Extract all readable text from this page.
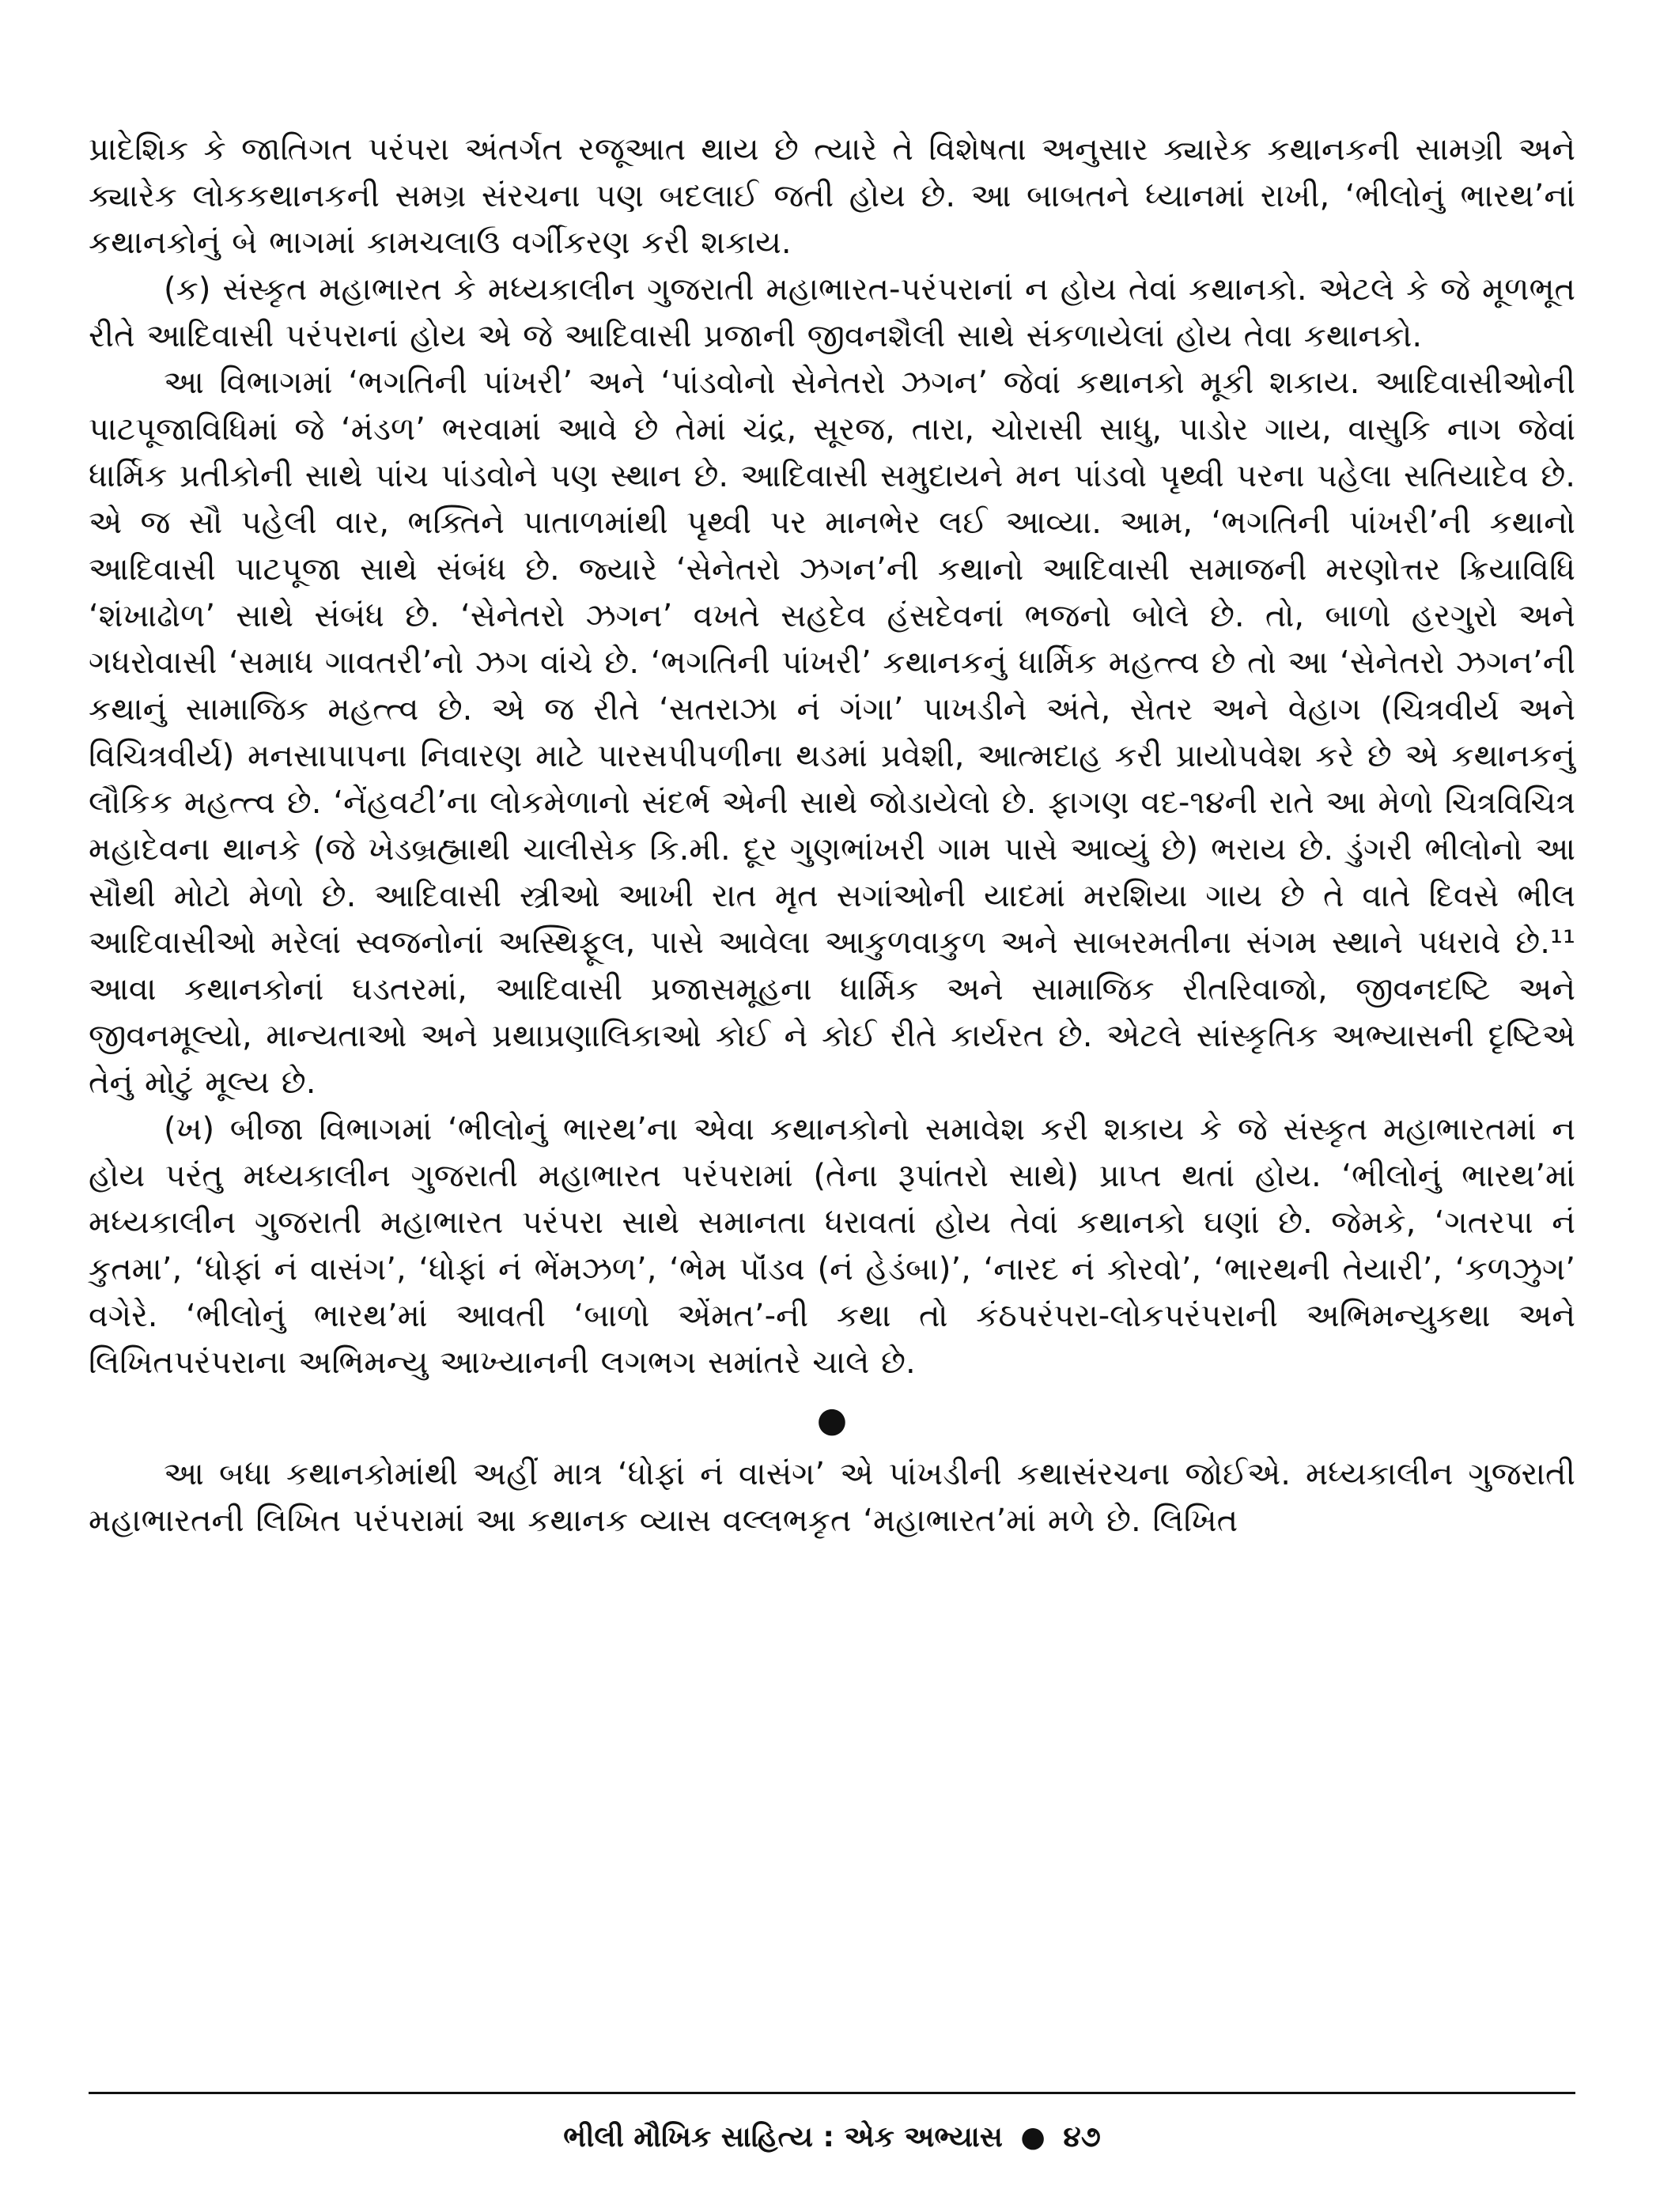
પ્રાદેશિક કે જાતિગત પરંપરા અંતર્ગત રજૂઆત થાય છે ત્યારે તે વિશેષતા અનુસાર ક્યારેક કથાનકની સામગ્રી અને ક્યારેક લોકકથાનકની સમગ્ર સંરચના પણ બદલાઈ જતી હોય છે. આ બાબતને ધ્યાનમાં રાખી, ‘ભીલોનું ભારથ’નાં કથાનકોનું બે ભાગમાં કામચલાઉ વર્ગીકરણ કરી શકાય.

(ક) સંસ્કૃત મહાભારત કે મધ્યકાલીન ગુજરાતી મહાભારત-પરંપરાનાં ન હોય તેવાં કથાનકો. એટલે કે જે મૂળભૂત રીતે આદિવાસી પરંપરાનાં હોય એ જે આદિવાસી પ્રજાની જીવનશૈલી સાથે સંકળાયેલાં હોય તેવા કથાનકો.

આ વિભાગમાં ‘ભગતિની પાંખરી’ અને ‘પાંડવોનો સેનેતરો ઝગન’ જેવાં કથાનકો મૂકી શકાય. આદિવાસીઓની પાટપૂજાવિધિમાં જે ‘મંડળ’ ભરવામાં આવે છે તેમાં ચંદ્ર, સૂરજ, તારા, ચોરાસી સાધુ, પાડોર ગાય, વાસુકિ નાગ જેવાં ધાર્મિક પ્રતીકોની સાથે પાંચ પાંડવોને પણ સ્થાન છે. આદિવાસી સમુદાયને મન પાંડવો પૃથ્વી પરના પહેલા સતિયાદેવ છે. એ જ સૌ પહેલી વાર, ભક્તિને પાતાળમાંથી પૃથ્વી પર માનભેર લઈ આવ્યા. આમ, ‘ભગતિની પાંખરી’ની કથાનો આદિવાસી પાટપૂજા સાથે સંબંધ છે. જ્યારે ‘સેનેતરો ઝગન’ની કથાનો આદિવાસી સમાજની મરણોત્તર ક્રિયાવિધિ ‘શંખાઢોળ’ સાથે સંબંધ છે. ‘સેનેતરો ઝગન’ વખતે સહદેવ હંસદેવનાં ભજનો બોલે છે. તો, બાળો હરગુરો અને ગધરોવાસી ‘સમાધ ગાવતરી’નો ઝગ વાંચે છે. ‘ભગતિની પાંખરી’ કથાનકનું ધાર્મિક મહત્ત્વ છે તો આ ‘સેનેતરો ઝગન’ની કથાનું સામાજિક મહત્ત્વ છે. એ જ રીતે ‘સતરાઝા નં ગંગા’ પાખડીને અંતે, સેતર અને વેહાગ (ચિત્રવીર્ય અને વિચિત્રવીર્ય) મનસાપાપના નિવારણ માટે પારસપીપળીના થડમાં પ્રવેશી, આત્મદાહ કરી પ્રાયોપવેશ કરે છે એ કથાનકનું લૌકિક મહત્ત્વ છે. ‘નેંહવટી’ના લોકમેળાનો સંદર્ભ એની સાથે જોડાયેલો છે. ફાગણ વદ-૧૪ની રાતે આ મેળો ચિત્રવિચિત્ર મહાદેવના થાનકે (જે ખેડબ્રહ્માથી ચાલીસેક કિ.મી. દૂર ગુણભાંખરી ગામ પાસે આવ્યું છે) ભરાય છે. ડુંગરી ભીલોનો આ સૌથી મોટો મેળો છે. આદિવાસી સ્ત્રીઓ આખી રાત મૃત સગાંઓની યાદમાં મરશિયા ગાય છે તે વાતે દિવસે ભીલ આદિવાસીઓ મરેલાં સ્વજનોનાં અસ્થિફૂલ, પાસે આવેલા આકુળવાકુળ અને સાબરમતીના સંગમ સ્થાને પધરાવે છે.¹¹ આવા કથાનકોનાં ઘડતરમાં, આદિવાસી પ્રજાસમૂહના ધાર્મિક અને સામાજિક રીતરિવાજો, જીવનદષ્ટિ અને જીવનમૂલ્યો, માન્યતાઓ અને પ્રથાપ્રણાલિકાઓ કોઈ ને કોઈ રીતે કાર્યરત છે. એટલે સાંસ્કૃતિક અભ્યાસની દૃષ્ટિએ તેનું મોટું મૂલ્ય છે.

(ખ) બીજા વિભાગમાં ‘ભીલોનું ભારથ’ના એવા કથાનકોનો સમાવેશ કરી શકાય કે જે સંસ્કૃત મહાભારતમાં ન હોય પરંતુ મધ્યકાલીન ગુજરાતી મહાભારત પરંપરામાં (તેના રૂપાંતરો સાથે) પ્રાપ્ત થતાં હોય. ‘ભીલોનું ભારથ’માં મધ્યકાલીન ગુજરાતી મહાભારત પરંપરા સાથે સમાનતા ધરાવતાં હોય તેવાં કથાનકો ઘણાં છે. જેમકે, ‘ગતરપા નં કુતમા’, ‘ધોફાં નં વાસંગ’, ‘ધોફાં નં ભેંમઝળ’, ‘ભેમ પૉંડવ (નં હેડંબા)’, ‘નારદ નં કોરવો’, ‘ભારથની તેયારી’, ‘કળઝુગ’ વગેરે. ‘ભીલોનું ભારથ’માં આવતી ‘બાળો એંમત’-ની કથા તો કંઠપરંપરા-લોકપરંપરાની અભિમન્યુકથા અને લિખિતપરંપરાના અભિમન્યુ આખ્યાનની લગભગ સમાંતરે ચાલે છે.

●

આ બધા કથાનકોમાંથી અહીં માત્ર ‘ધોફાં નં વાસંગ’ એ પાંખડીની કથાસંરચના જોઈએ. મધ્યકાલીન ગુજરાતી મહાભારતની લિખિત પરંપરામાં આ કથાનક વ્યાસ વલ્લભકૃત ‘મહાભારત’માં મળે છે. લિખિત

ભીલી મૌખિક સાહિત્ય : એક અભ્યાસ ● ૪૭
